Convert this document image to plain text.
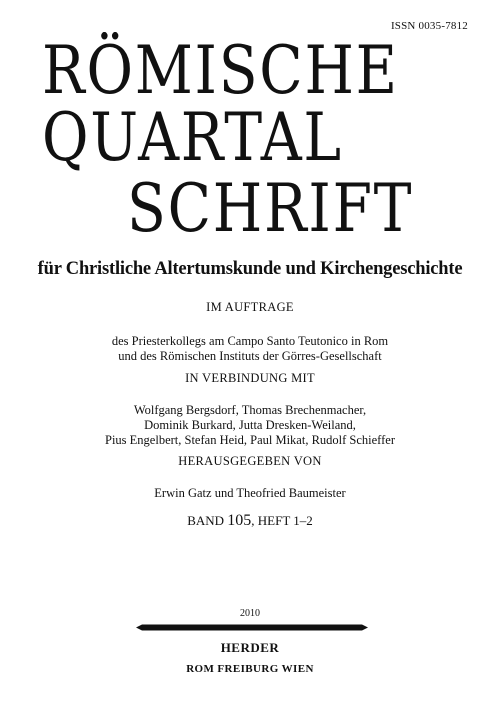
ISSN 0035-7812
RÖMISCHE
QUARTAL
SCHRIFT
für Christliche Altertumskunde und Kirchengeschichte
IM AUFTRAGE
des Priesterkollegs am Campo Santo Teutonico in Rom
und des Römischen Instituts der Görres-Gesellschaft
IN VERBINDUNG MIT
Wolfgang Bergsdorf, Thomas Brechenmacher,
Dominik Burkard, Jutta Dresken-Weiland,
Pius Engelbert, Stefan Heid, Paul Mikat, Rudolf Schieffer
HERAUSGEGEBEN VON
Erwin Gatz und Theofried Baumeister
BAND 105, HEFT 1–2
2010
HERDER
ROM FREIBURG WIEN
